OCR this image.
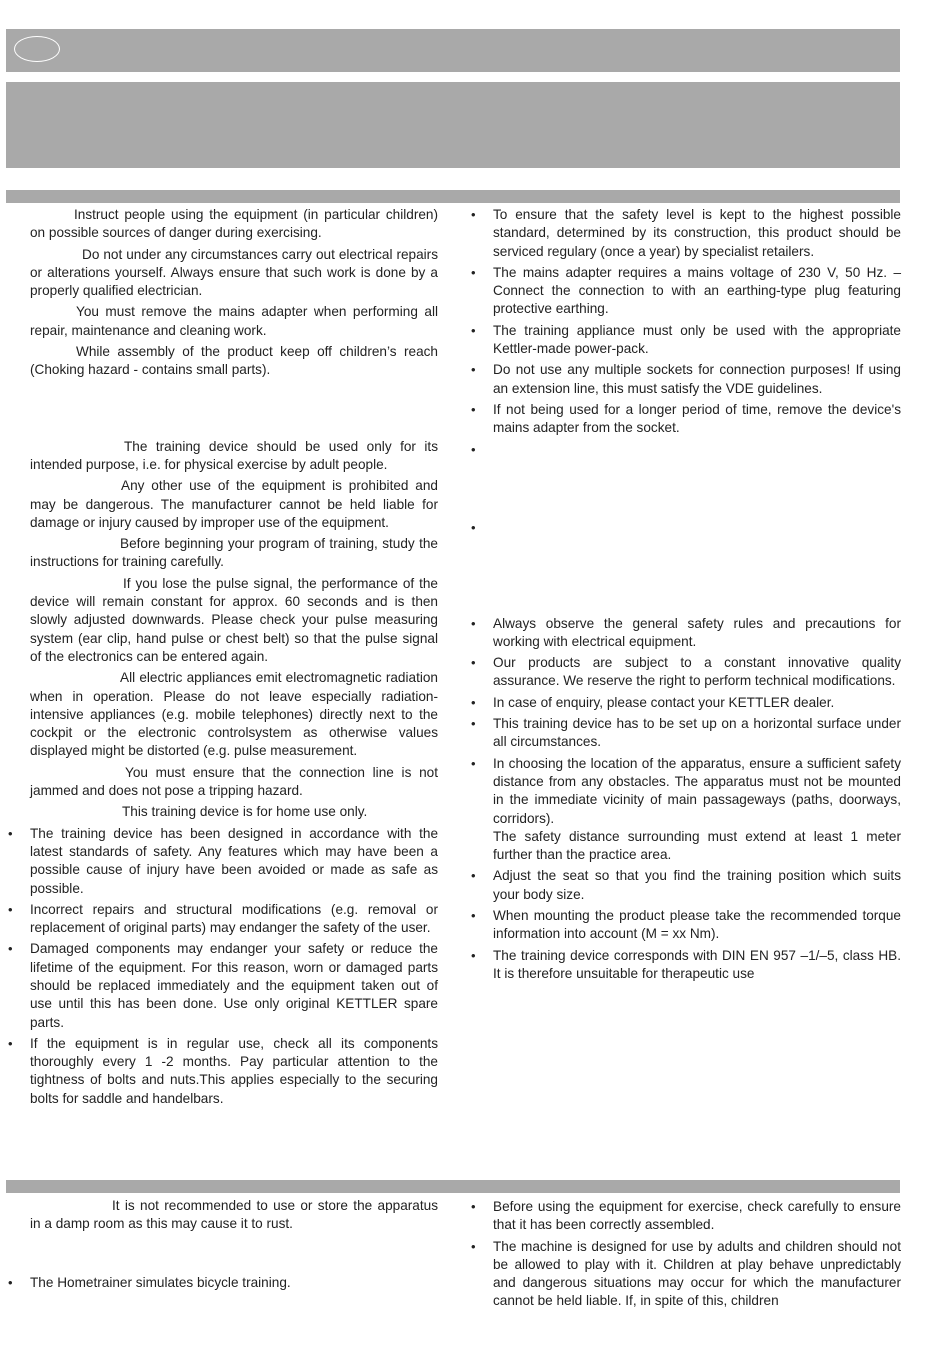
Instruct people using the equipment (in particular children) on possible sources of danger during exercising.
Do not under any circumstances carry out electrical repairs or alterations yourself. Always ensure that such work is done by a properly qualified electrician.
You must remove the mains adapter when performing all repair, maintenance and cleaning work.
While assembly of the product keep off children’s reach (Choking hazard - contains small parts).
The training device should be used only for its intended purpose, i.e. for physical exercise by adult people.
Any other use of the equipment is prohibited and may be dangerous. The manufacturer cannot be held liable for damage or injury caused by improper use of the equipment.
Before beginning your program of training, study the instructions for training carefully.
If you lose the pulse signal, the performance of the device will remain constant for approx. 60 seconds and is then slowly adjusted downwards. Please check your pulse measuring system (ear clip, hand pulse or chest belt) so that the pulse signal of the electronics can be entered again.
All electric appliances emit electromagnetic radiation when in operation. Please do not leave especially radiation-intensive appliances (e.g. mobile telephones) directly next to the cockpit or the electronic controlsystem as otherwise values displayed might be distorted (e.g. pulse measurement.
You must ensure that the connection line is not jammed and does not pose a tripping hazard.
This training device is for home use only.
• The training device has been designed in accordance with the latest standards of safety. Any features which may have been a possible cause of injury have been avoided or made as safe as possible.
• Incorrect repairs and structural modifications (e.g. removal or replacement of original parts) may endanger the safety of the user.
• Damaged components may endanger your safety or reduce the lifetime of the equipment. For this reason, worn or damaged parts should be replaced immediately and the equipment taken out of use until this has been done. Use only original KETTLER spare parts.
• If the equipment is in regular use, check all its components thoroughly every 1 -2 months. Pay particular attention to the tightness of bolts and nuts.This applies especially to the securing bolts for saddle and handelbars.
• To ensure that the safety level is kept to the highest possible standard, determined by its construction, this product should be serviced regulary (once a year) by specialist retailers.
• The mains adapter requires a mains voltage of 230 V, 50 Hz. – Connect the connection to with an earthing-type plug featuring protective earthing.
• The training appliance must only be used with the appropriate Kettler-made power-pack.
• Do not use any multiple sockets for connection purposes! If using an extension line, this must satisfy the VDE guidelines.
• If not being used for a longer period of time, remove the device's mains adapter from the socket.
•
•
• Always observe the general safety rules and precautions for working with electrical equipment.
• Our products are subject to a constant innovative quality assurance. We reserve the right to perform technical modifications.
• In case of enquiry, please contact your KETTLER dealer.
• This training device has to be set up on a horizontal surface under all circumstances.
• In choosing the location of the apparatus, ensure a sufficient safety distance from any obstacles. The apparatus must not be mounted in the immediate vicinity of main passageways (paths, doorways, corridors).
The safety distance surrounding must extend at least 1 meter further than the practice area.
• Adjust the seat so that you find the training position which suits your body size.
• When mounting the product please take the recommended torque information into account (M = xx Nm).
• The training device corresponds with DIN EN 957 –1/–5, class HB. It is therefore unsuitable for therapeutic use
It is not recommended to use or store the apparatus in a damp room as this may cause it to rust.
• The Hometrainer simulates bicycle training.
• Before using the equipment for exercise, check carefully to ensure that it has been correctly assembled.
• The machine is designed for use by adults and children should not be allowed to play with it. Children at play behave unpredictably and dangerous situations may occur for which the manufacturer cannot be held liable. If, in spite of this, children
